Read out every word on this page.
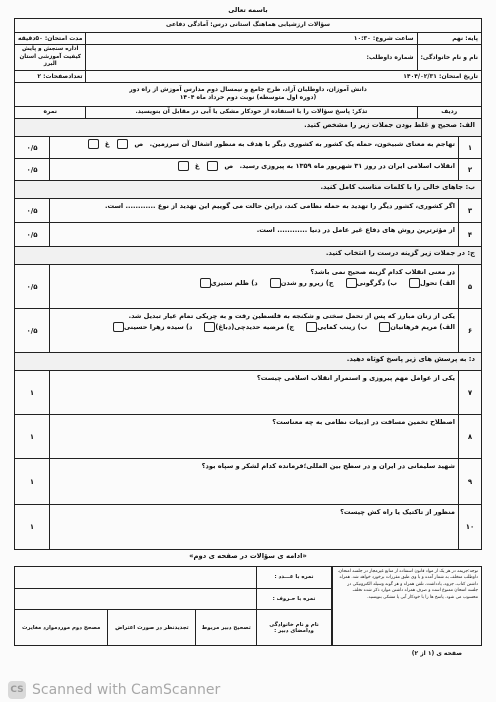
باسمه تعالی
سؤالات ارزشیابی هماهنگ استانی درس: آمادگی دفاعی		
پایه: نهم	ساعت شروع: ۱۰:۳۰	مدت امتحان: ۵۰دقیقه
نام و نام خانوادگی:	شماره داوطلب:	اداره سنجش و پایش کیفیت آموزشی استان البرز
تاریخ امتحان: ۱۴۰۴/۰۲/۳۱		تعدادصفحات: ۲

دانش آموزان، داوطلبان آزاد، طرح جامع و نیمسال دوم مدارس آموزش از راه دور
(دوره اول متوسطه) نوبت دوم خرداد ماه ۱۴۰۴		

ردیف	تذکر: پاسخ سؤالات را با استفاده از خودکار مشکی یا آبی در مقابل آن بنویسید.	نمره
الف: صحیح و غلط بودن جملات زیر را مشخص کنید.
۱
تهاجم به معنای شبیخون، حمله یک کشور به کشوری دیگر با هدف به منظور اشغال آن سرزمین.
ص
غ
۰/۵
۲
انقلاب اسلامی ایران در روز ۳۱ شهریور ماه ۱۳۵۹ به پیروزی رسید.
ص
غ
۰/۵
ب: جاهای خالی را با کلمات مناسب کامل کنید.
۳
اگر کشوری، کشور دیگر را تهدید به حمله نظامی کند، دراین حالت می گوییم این تهدید از نوع ............ است.
۰/۵
۴
از مؤثرترین روش های دفاع غیر عامل در دنیا ............ است.
۰/۵
ج: در جملات زیر گزینه درست را انتخاب کنید.
۵
در معنی انقلاب کدام گزینه صحیح نمی باشد؟
الف) تحول
ب) دگرگونی
ج) زیرو رو شدن
د) ظلم ستیزی
۰/۵
۶
یکی از زنان مبارز که پس از تحمل سختی و شکنجه به فلسطین رفت و به چریکی تمام عیار تبدیل شد.
الف) مریم فرهانیان
ب) زینب کمایی
ج) مرضیه حدیدچی(دباغ)
د) سیده زهرا حسینی
۰/۵
د: به پرسش های زیر پاسخ کوتاه دهید.
۷
یکی از عوامل مهم پیروزی و استمرار انقلاب اسلامی چیست؟
۱
۸
اصطلاح تخمین مسافت در ادبیات نظامی به چه معناست؟
۱
۹
شهید سلیمانی در ایران و در سطح بین المللی؛فرمانده کدام لشکر و سپاه بود؟
۱
۱۰
منظور از تاکتیک یا راه کش چیست؟
۱
«ادامه ی سؤالات در صفحه ی دوم»
نمره با عـــدد :			
نمره با حـروف :			
نام و نام خانوادگی ودامضای دبیر :	تصحیح دبیر مربوط	تجدیدنظر در صورت اعتراض	مصحح دوم موردموارد مغایرت
توجه:جریمه در هر یک از مواد قانون استفاده از منابع غیرمجاز در جلسه امتحان، داوطلب متخلف به شمار آمده و با وی طبق مقررات برخورد خواهد شد. همراه داشتن کتاب، جزوه، یادداشت، تلفن همراه و هر گونه وسیله الکترونیکی در جلسه امتحان ممنوع است و صرف همراه داشتن موارد ذکر شده تخلف محسوب می شود. پاسخ ها را با خودکار آبی یا مشکی بنویسید.
صفحه ی (۱ از ۲)
CS Scanned with CamScanner
